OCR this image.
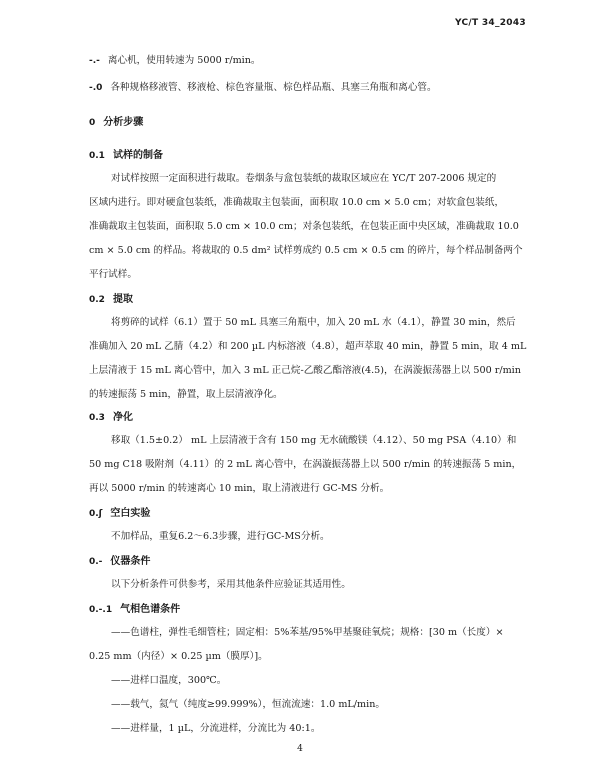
YC/T 34_2043
‐.‐ 离心机，使用转速为 5000 r/min。
‐.0 各种规格移液管、移液枪、棕色容量瓶、棕色样品瓶、具塞三角瓶和离心管。
0 分析步骤
0.1 试样的制备
对试样按照一定面积进行裁取。卷烟条与盒包装纸的裁取区域应在 YC/T 207-2006 规定的
区域内进行。即对硬盒包装纸，准确裁取主包装面，面积取 10.0 cm × 5.0 cm；对软盒包装纸，
准确裁取主包装面，面积取 5.0 cm × 10.0 cm；对条包装纸，在包装正面中央区域，准确裁取 10.0
cm × 5.0 cm 的样品。将裁取的 0.5 dm² 试样剪成约 0.5 cm × 0.5 cm 的碎片，每个样品制备两个
平行试样。
0.2 提取
将剪碎的试样（6.1）置于 50 mL 具塞三角瓶中，加入 20 mL 水（4.1），静置 30 min，然后
准确加入 20 mL 乙腈（4.2）和 200 µL 内标溶液（4.8），超声萃取 40 min，静置 5 min，取 4 mL
上层清液于 15 mL 离心管中，加入 3 mL 正己烷-乙酸乙酯溶液(4.5)，在涡漩振荡器上以 500 r/min
的转速振荡 5 min，静置，取上层清液净化。
0.3 净化
移取（1.5±0.2） mL 上层清液于含有 150 mg 无水硫酸镁（4.12）、50 mg PSA（4.10）和
50 mg C18 吸附剂（4.11）的 2 mL 离心管中，在涡漩振荡器上以 500 r/min 的转速振荡 5 min，
再以 5000 r/min 的转速离心 10 min，取上清液进行 GC-MS 分析。
0.ʃ 空白实验
不加样品，重复6.2～6.3步骤，进行GC-MS分析。
0.‐ 仪器条件
以下分析条件可供参考，采用其他条件应验证其适用性。
0.‐.1 气相色谱条件
——色谱柱，弹性毛细管柱；固定相：5%苯基/95%甲基聚硅氧烷；规格：[30 m（长度）×
0.25 mm（内径）× 0.25 µm（膜厚）]。
——进样口温度，300℃。
——载气，氦气（纯度≥99.999%），恒流流速：1.0 mL/min。
——进样量，1 µL，分流进样，分流比为 40:1。
4
